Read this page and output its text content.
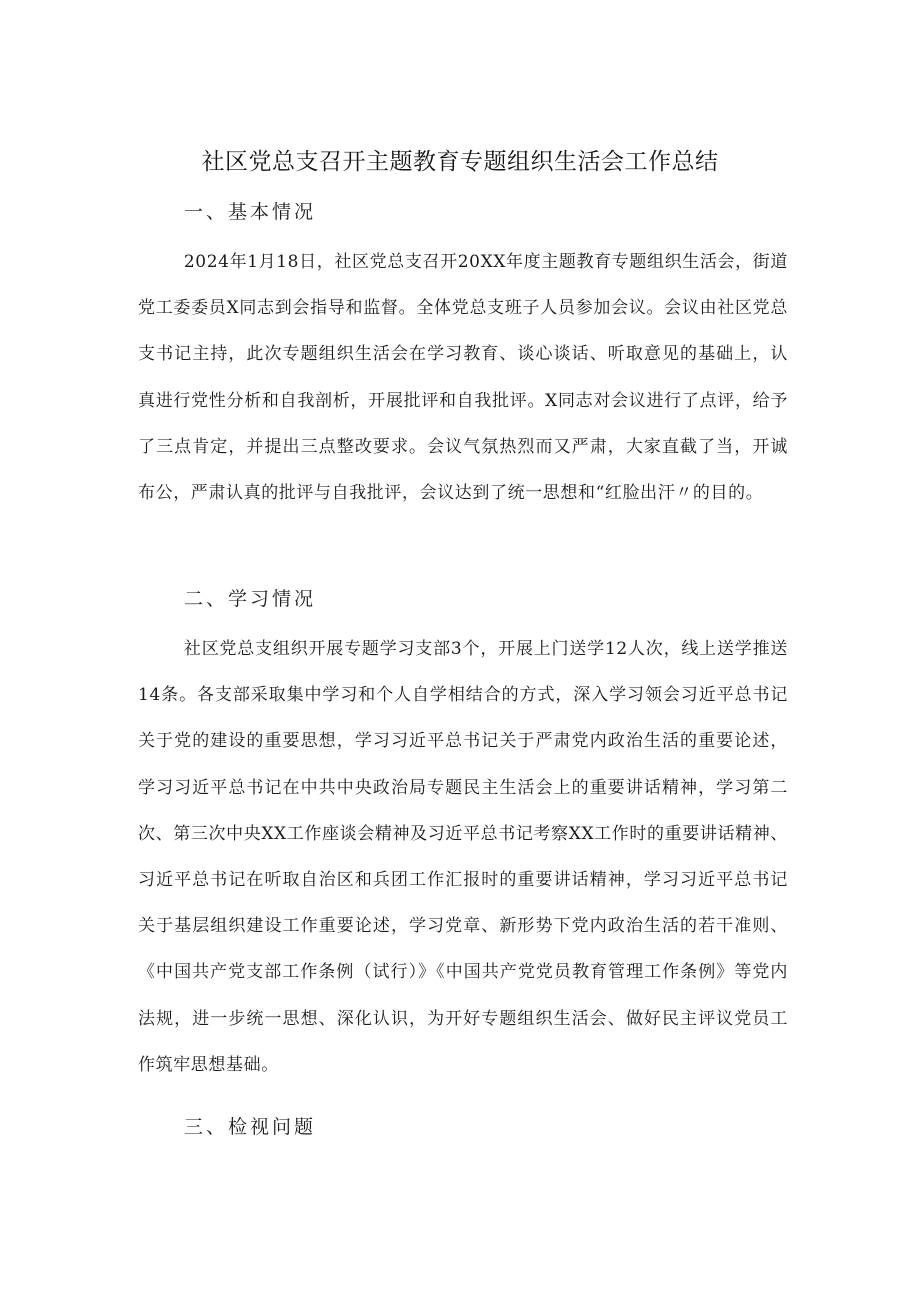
社区党总支召开主题教育专题组织生活会工作总结
一、基本情况
2024年1月18日，社区党总支召开20XX年度主题教育专题组织生活会，街道党工委委员X同志到会指导和监督。全体党总支班子人员参加会议。会议由社区党总支书记主持，此次专题组织生活会在学习教育、谈心谈话、听取意见的基础上，认真进行党性分析和自我剖析，开展批评和自我批评。X同志对会议进行了点评，给予了三点肯定，并提出三点整改要求。会议气氛热烈而又严肃，大家直截了当，开诚布公，严肃认真的批评与自我批评，会议达到了统一思想和“红脸出汗〃的目的。
二、学习情况
社区党总支组织开展专题学习支部3个，开展上门送学12人次，线上送学推送14条。各支部采取集中学习和个人自学相结合的方式，深入学习领会习近平总书记关于党的建设的重要思想，学习习近平总书记关于严肃党内政治生活的重要论述，学习习近平总书记在中共中央政治局专题民主生活会上的重要讲话精神，学习第二次、第三次中央XX工作座谈会精神及习近平总书记考察XX工作时的重要讲话精神、习近平总书记在听取自治区和兵团工作汇报时的重要讲话精神，学习习近平总书记关于基层组织建设工作重要论述，学习党章、新形势下党内政治生活的若干准则、《中国共产党支部工作条例（试行）》《中国共产党党员教育管理工作条例》等党内法规，进一步统一思想、深化认识，为开好专题组织生活会、做好民主评议党员工作筑牢思想基础。
三、检视问题
